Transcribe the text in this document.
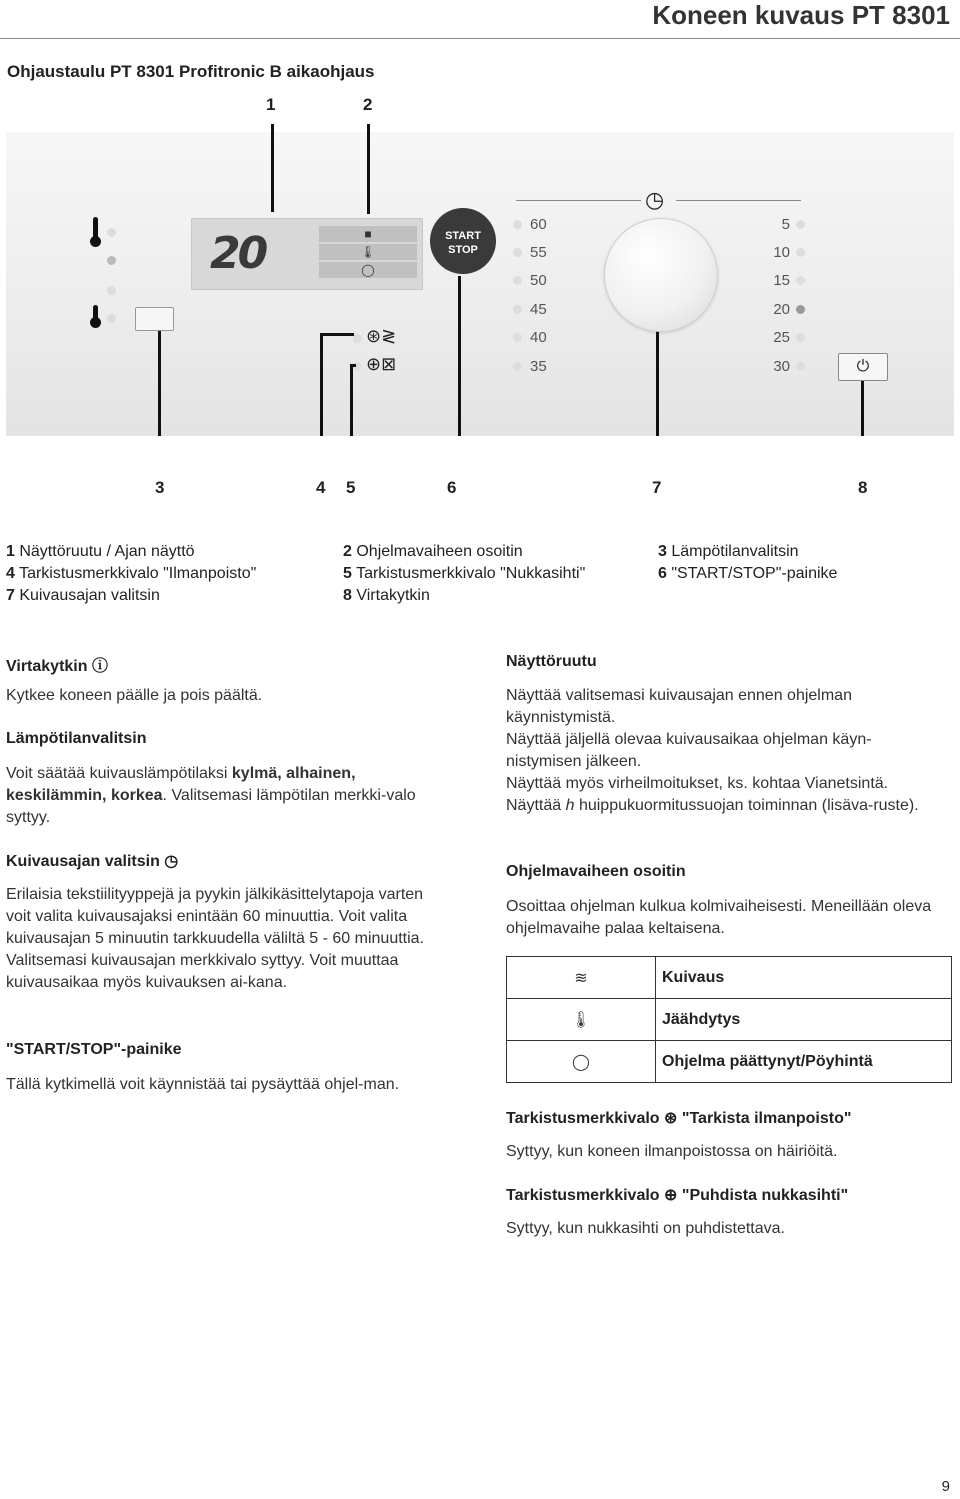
Koneen kuvaus PT 8301
Ohjaustaulu PT 8301 Profitronic B aikaohjaus
1	2
20	■
🌡
◯
START
STOP
⊛≷
⊕⊠
◷
60
55
50
45
40
35
5
10
15
20
25
30	⏻
3	4 5	6	7	8
1 Näyttöruutu / Ajan näyttö	2 Ohjelmavaiheen osoitin	3 Lämpötilanvalitsin
4 Tarkistusmerkkivalo "Ilmanpoisto"	5 Tarkistusmerkkivalo "Nukkasihti"	6 "START/STOP"-painike
7 Kuivausajan valitsin	8 Virtakytkin
Virtakytkin ⓘ
Kytkee koneen päälle ja pois päältä.
Lämpötilanvalitsin
Voit säätää kuivauslämpötilaksi kylmä, alhainen, keskilämmin, korkea. Valitsemasi lämpötilan merkki-valo syttyy.
Kuivausajan valitsin ◷
Erilaisia tekstiilityyppejä ja pyykin jälkikäsittelytapoja varten voit valita kuivausajaksi enintään 60 minuuttia. Voit valita kuivausajan 5 minuutin tarkkuudella väliltä 5 - 60 minuuttia. Valitsemasi kuivausajan merkkivalo syttyy. Voit muuttaa kuivausaikaa myös kuivauksen ai-kana.
"START/STOP"-painike
Tällä kytkimellä voit käynnistää tai pysäyttää ohjel-man.
Näyttöruutu
Näyttää valitsemasi kuivausajan ennen ohjelman käynnistymistä.
Näyttää jäljellä olevaa kuivausaikaa ohjelman käyn-nistymisen jälkeen.
Näyttää myös virheilmoitukset, ks. kohtaa Vianetsintä.
Näyttää h huippukuormitussuojan toiminnan (lisäva-ruste).
Ohjelmavaiheen osoitin
Osoittaa ohjelman kulkua kolmivaiheisesti. Meneillään oleva ohjelmavaihe palaa keltaisena.
≋	Kuivaus
🌡	Jäähdytys
◯	Ohjelma päättynyt/Pöyhintä
Tarkistusmerkkivalo ⊛ "Tarkista ilmanpoisto"
Syttyy, kun koneen ilmanpoistossa on häiriöitä.
Tarkistusmerkkivalo ⊕ "Puhdista nukkasihti"
Syttyy, kun nukkasihti on puhdistettava.
9
